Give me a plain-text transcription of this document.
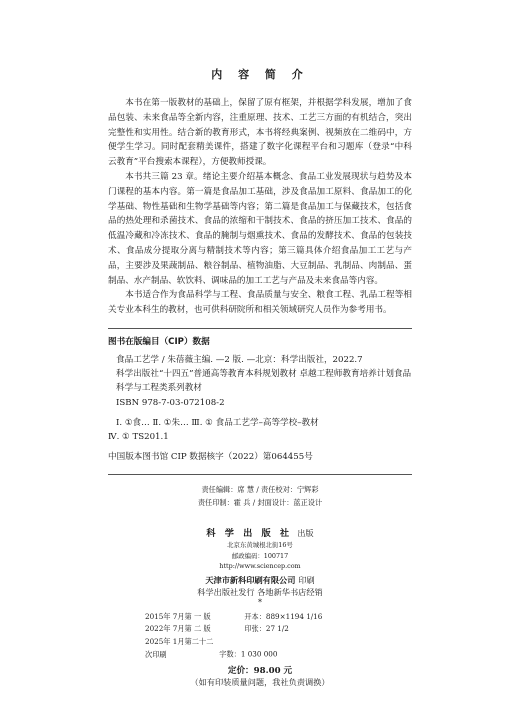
内 容 简 介

本书在第一版教材的基础上，保留了原有框架，并根据学科发展，增加了食品包装、未来食品等全新内容，注重原理、技术、工艺三方面的有机结合，突出完整性和实用性。结合新的教育形式，本书将经典案例、视频放在二维码中，方便学生学习。同时配套精美课件，搭建了数字化课程平台和习题库（登录“中科云教育”平台搜索本课程），方便教师授课。

本书共三篇 23 章。绪论主要介绍基本概念、食品工业发展现状与趋势及本门课程的基本内容。第一篇是食品加工基础，涉及食品加工原料、食品加工的化学基础、物性基础和生物学基础等内容；第二篇是食品加工与保藏技术，包括食品的热处理和杀菌技术、食品的浓缩和干制技术、食品的挤压加工技术、食品的低温冷藏和冷冻技术、食品的腌制与烟熏技术、食品的发酵技术、食品的包装技术、食品成分提取分离与精制技术等内容；第三篇具体介绍食品加工工艺与产品，主要涉及果蔬制品、粮谷制品、植物油脂、大豆制品、乳制品、肉制品、蛋制品、水产制品、软饮料、调味品的加工工艺与产品及未来食品等内容。

本书适合作为食品科学与工程、食品质量与安全、粮食工程、乳品工程等相关专业本科生的教材，也可供科研院所和相关领域研究人员作为参考用书。

图书在版编目（CIP）数据

食品工艺学 / 朱蓓薇主编. —2 版. —北京：科学出版社，2022.7

科学出版社“十四五”普通高等教育本科规划教材 卓越工程师教育培养计划食品科学与工程类系列教材

ISBN 978-7-03-072108-2

Ⅰ. ①食… Ⅱ. ①朱… Ⅲ. ① 食品工艺学–高等学校–教材

Ⅳ. ① TS201.1

中国版本图书馆 CIP 数据核字（2022）第064455号

责任编辑：席 慧 / 责任校对：宁辉彩
责任印制：霍 兵 / 封面设计：蓝正设计
科 学 出 版 社 出版
北京东黄城根北街16号
邮政编码：100717
http://www.sciencep.com
天津市新科印刷有限公司 印刷
科学出版社发行 各地新华书店经销
*
2015年 7月第 一 版	开本：889×1194 1/16
2022年 7月第 二 版	印张：27 1/2
2025年 1月第二十二次印刷	字数：1 030 000
定价：98.00 元
（如有印装质量问题，我社负责调换）
